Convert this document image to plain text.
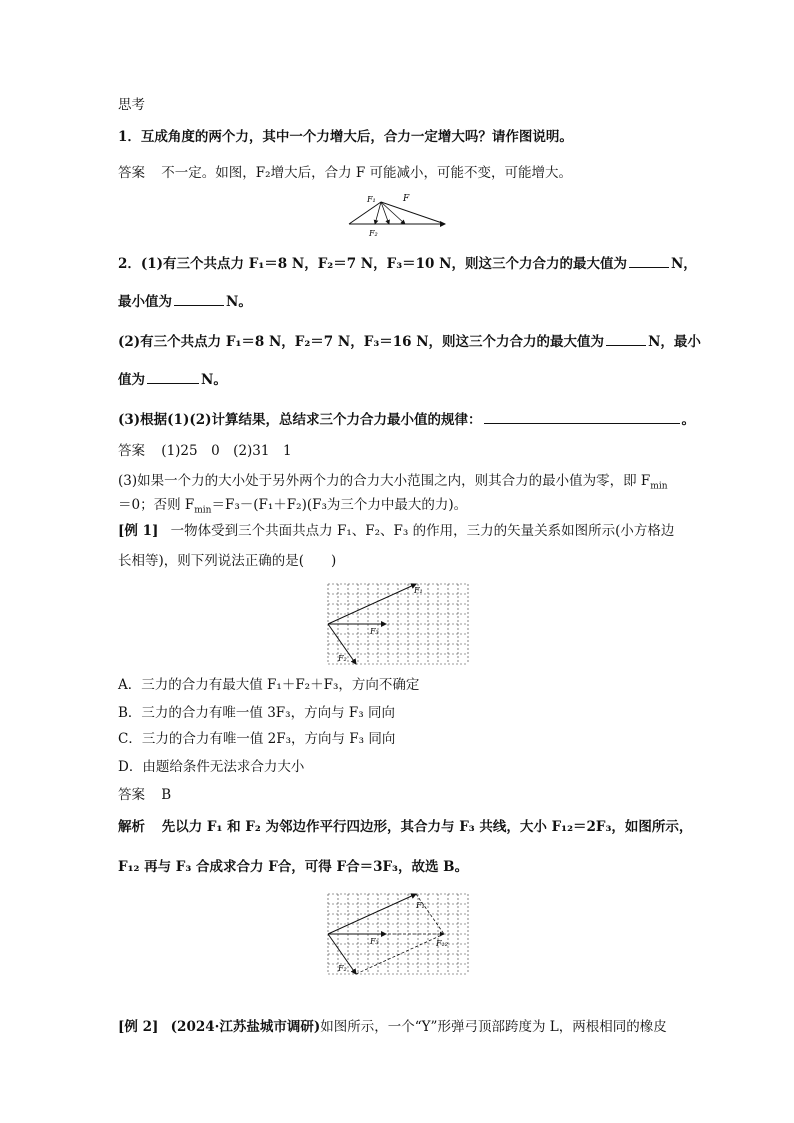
思考
1．互成角度的两个力，其中一个力增大后，合力一定增大吗？请作图说明。
答案 不一定。如图，F₂增大后，合力 F 可能减小，可能不变，可能增大。
F₁	F
F₂
2．(1)有三个共点力 F₁＝8 N，F₂＝7 N，F₃＝10 N，则这三个力合力的最大值为	N，
最小值为	N。
(2)有三个共点力 F₁＝8 N，F₂＝7 N，F₃＝16 N，则这三个力合力的最大值为	N，最小
值为	N。
(3)根据(1)(2)计算结果，总结求三个力合力最小值的规律：	。
答案 (1)25　0　(2)31　1
(3)如果一个力的大小处于另外两个力的合力大小范围之内，则其合力的最小值为零，即 $F_{min}$
＝0；否则 $F_{min}=F_3-(F_1+F_2)(F_3$为三个力中最大的力)。
[例 1] 一物体受到三个共面共点力 F₁、F₂、F₃ 的作用，三力的矢量关系如图所示(小方格边
长相等)，则下列说法正确的是(　　)
F₁
F₃
F₂
A．三力的合力有最大值 F₁＋F₂＋F₃，方向不确定
B．三力的合力有唯一值 3F₃，方向与 F₃ 同向
C．三力的合力有唯一值 2F₃，方向与 F₃ 同向
D．由题给条件无法求合力大小
答案 B
解析 先以力 F₁ 和 F₂ 为邻边作平行四边形，其合力与 F₃ 共线，大小 F₁₂＝2F₃，如图所示，
F₁₂ 再与 F₃ 合成求合力 F合，可得 F合＝3F₃，故选 B。
F₁
F₃
F₂
F₁₂
[例 2] (2024·江苏盐城市调研)如图所示，一个“Y”形弹弓顶部跨度为 L，两根相同的橡皮
